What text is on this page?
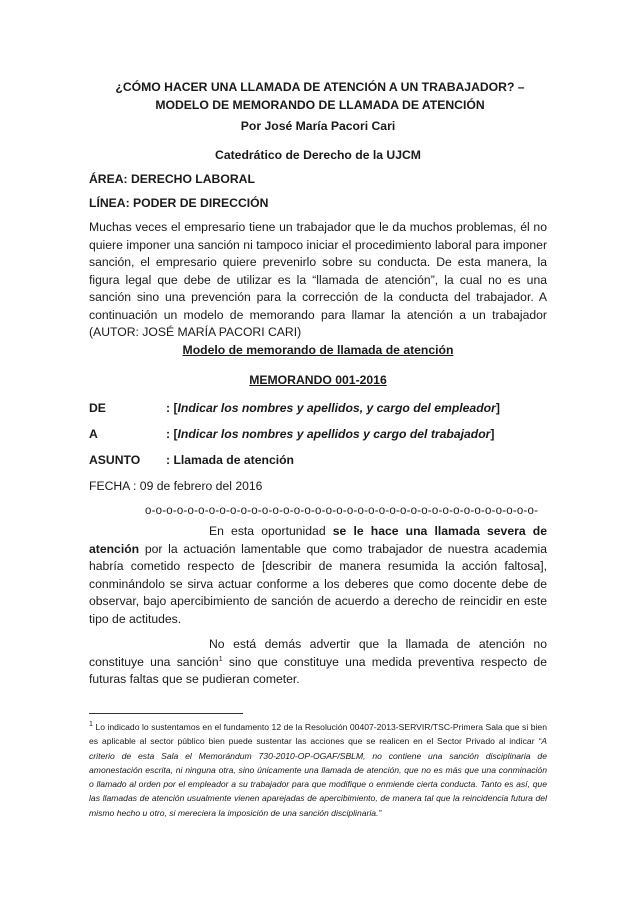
¿CÓMO HACER UNA LLAMADA DE ATENCIÓN A UN TRABAJADOR? – MODELO DE MEMORANDO DE LLAMADA DE ATENCIÓN
Por José María Pacori Cari
Catedrático de Derecho de la UJCM
ÁREA: DERECHO LABORAL
LÍNEA: PODER DE DIRECCIÓN
Muchas veces el empresario tiene un trabajador que le da muchos problemas, él no quiere imponer una sanción ni tampoco iniciar el procedimiento laboral para imponer sanción, el empresario quiere prevenirlo sobre su conducta. De esta manera, la figura legal que debe de utilizar es la “llamada de atención”, la cual no es una sanción sino una prevención para la corrección de la conducta del trabajador. A continuación un modelo de memorando para llamar la atención a un trabajador (AUTOR: JOSÉ MARÍA PACORI CARI)
Modelo de memorando de llamada de atención
MEMORANDO 001-2016
DE	: [Indicar los nombres y apellidos, y cargo del empleador]
A	: [Indicar los nombres y apellidos y cargo del trabajador]
ASUNTO : Llamada de atención
FECHA : 09 de febrero del 2016
o-o-o-o-o-o-o-o-o-o-o-o-o-o-o-o-o-o-o-o-o-o-o-o-o-o-o-o-o-o-o-o-o-o-o-o-o-
En esta oportunidad se le hace una llamada severa de atención por la actuación lamentable que como trabajador de nuestra academia habría cometido respecto de [describir de manera resumida la acción faltosa], conminándolo se sirva actuar conforme a los deberes que como docente debe de observar, bajo apercibimiento de sanción de acuerdo a derecho de reincidir en este tipo de actitudes.
No está demás advertir que la llamada de atención no constituye una sanción$^1$ sino que constituye una medida preventiva respecto de futuras faltas que se pudieran cometer.
$^1$ Lo indicado lo sustentamos en el fundamento 12 de la Resolución 00407-2013-SERVIR/TSC-Primera Sala que si bien es aplicable al sector público bien puede sustentar las acciones que se realicen en el Sector Privado al indicar “A criterio de esta Sala el Memorándum 730-2010-OP-OGAF/SBLM, no contiene una sanción disciplinaria de amonestación escrita, ni ninguna otra, sino únicamente una llamada de atención, que no es más que una conminación o llamado al orden por el empleador a su trabajador para que modifique o enmiende cierta conducta. Tanto es así, que las llamadas de atención usualmente vienen aparejadas de apercibimiento, de manera tal que la reincidencia futura del mismo hecho u otro, si mereciera la imposición de una sanción disciplinaria.”
